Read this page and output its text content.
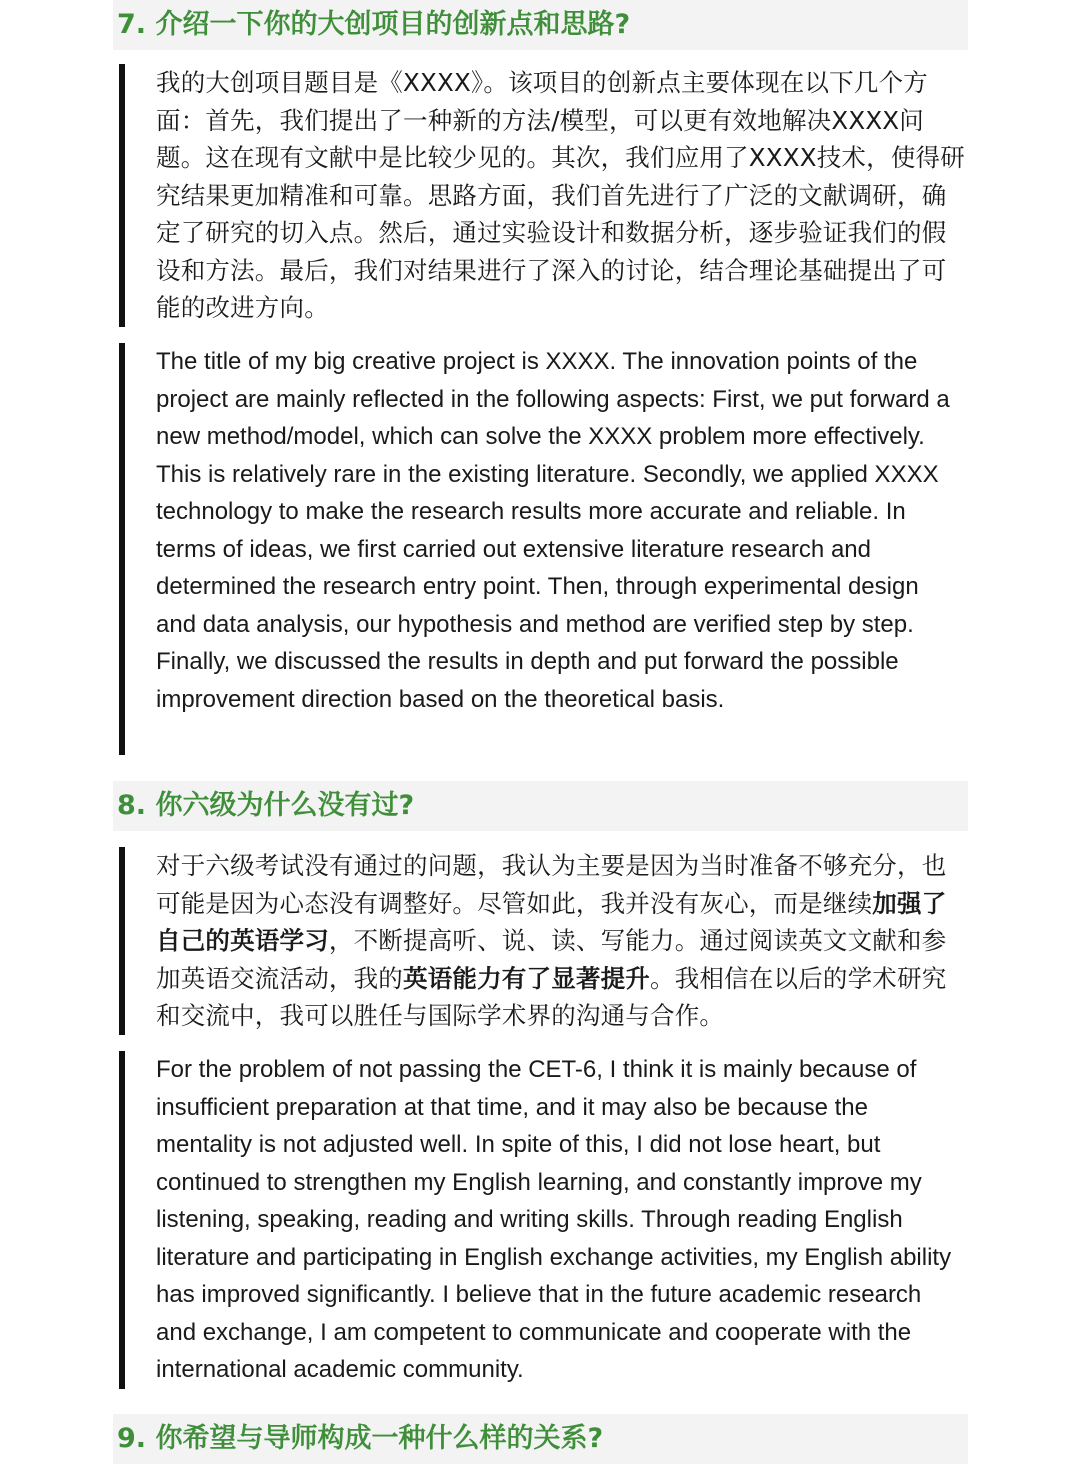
7. 介绍一下你的大创项目的创新点和思路?

我的大创项目题目是《XXXX》。该项目的创新点主要体现在以下几个方面：首先，我们提出了一种新的方法/模型，可以更有效地解决XXXX问题。这在现有文献中是比较少见的。其次，我们应用了XXXX技术，使得研究结果更加精准和可靠。思路方面，我们首先进行了广泛的文献调研，确定了研究的切入点。然后，通过实验设计和数据分析，逐步验证我们的假设和方法。最后，我们对结果进行了深入的讨论，结合理论基础提出了可能的改进方向。

The title of my big creative project is XXXX. The innovation points of the project are mainly reflected in the following aspects: First, we put forward a new method/model, which can solve the XXXX problem more effectively. This is relatively rare in the existing literature. Secondly, we applied XXXX technology to make the research results more accurate and reliable. In terms of ideas, we first carried out extensive literature research and determined the research entry point. Then, through experimental design and data analysis, our hypothesis and method are verified step by step. Finally, we discussed the results in depth and put forward the possible improvement direction based on the theoretical basis.

8. 你六级为什么没有过?

对于六级考试没有通过的问题，我认为主要是因为当时准备不够充分，也可能是因为心态没有调整好。尽管如此，我并没有灰心，而是继续加强了自己的英语学习，不断提高听、说、读、写能力。通过阅读英文文献和参加英语交流活动，我的英语能力有了显著提升。我相信在以后的学术研究和交流中，我可以胜任与国际学术界的沟通与合作。

For the problem of not passing the CET-6, I think it is mainly because of insufficient preparation at that time, and it may also be because the mentality is not adjusted well. In spite of this, I did not lose heart, but continued to strengthen my English learning, and constantly improve my listening, speaking, reading and writing skills. Through reading English literature and participating in English exchange activities, my English ability has improved significantly. I believe that in the future academic research and exchange, I am competent to communicate and cooperate with the international academic community.

9. 你希望与导师构成一种什么样的关系?
